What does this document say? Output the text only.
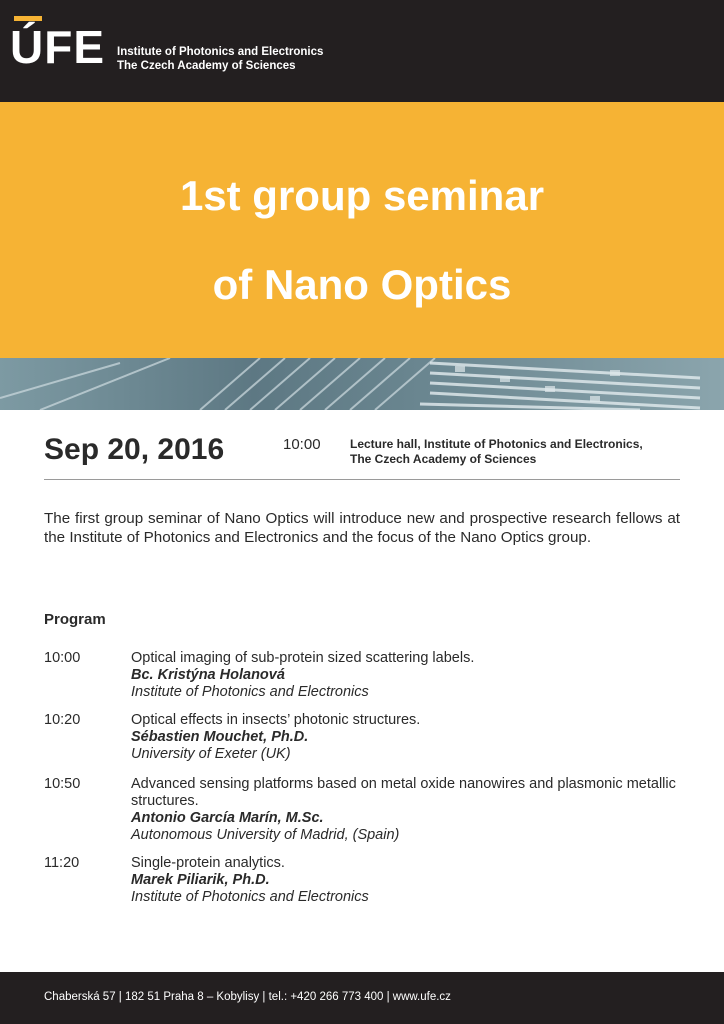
ÚFE Institute of Photonics and Electronics
The Czech Academy of Sciences
1st group seminar
of Nano Optics
Sep 20, 2016	10:00 Lecture hall, Institute of Photonics and Electronics,
The Czech Academy of Sciences
The first group seminar of Nano Optics will introduce new and prospective research fellows at the Institute of Photonics and Electronics and the focus of the Nano Optics group.
Program
10:00	Optical imaging of sub-protein sized scattering labels.
Bc. Kristýna Holanová
Institute of Photonics and Electronics
10:20	Optical effects in insects’ photonic structures.
Sébastien Mouchet, Ph.D.
University of Exeter (UK)
10:50	Advanced sensing platforms based on metal oxide nanowires and plasmonic metallic structures.
Antonio García Marín, M.Sc.
Autonomous University of Madrid, (Spain)
11:20	Single-protein analytics.
Marek Piliarik, Ph.D.
Institute of Photonics and Electronics
Chaberská 57 | 182 51 Praha 8 – Kobylisy | tel.: +420 266 773 400 | www.ufe.cz
